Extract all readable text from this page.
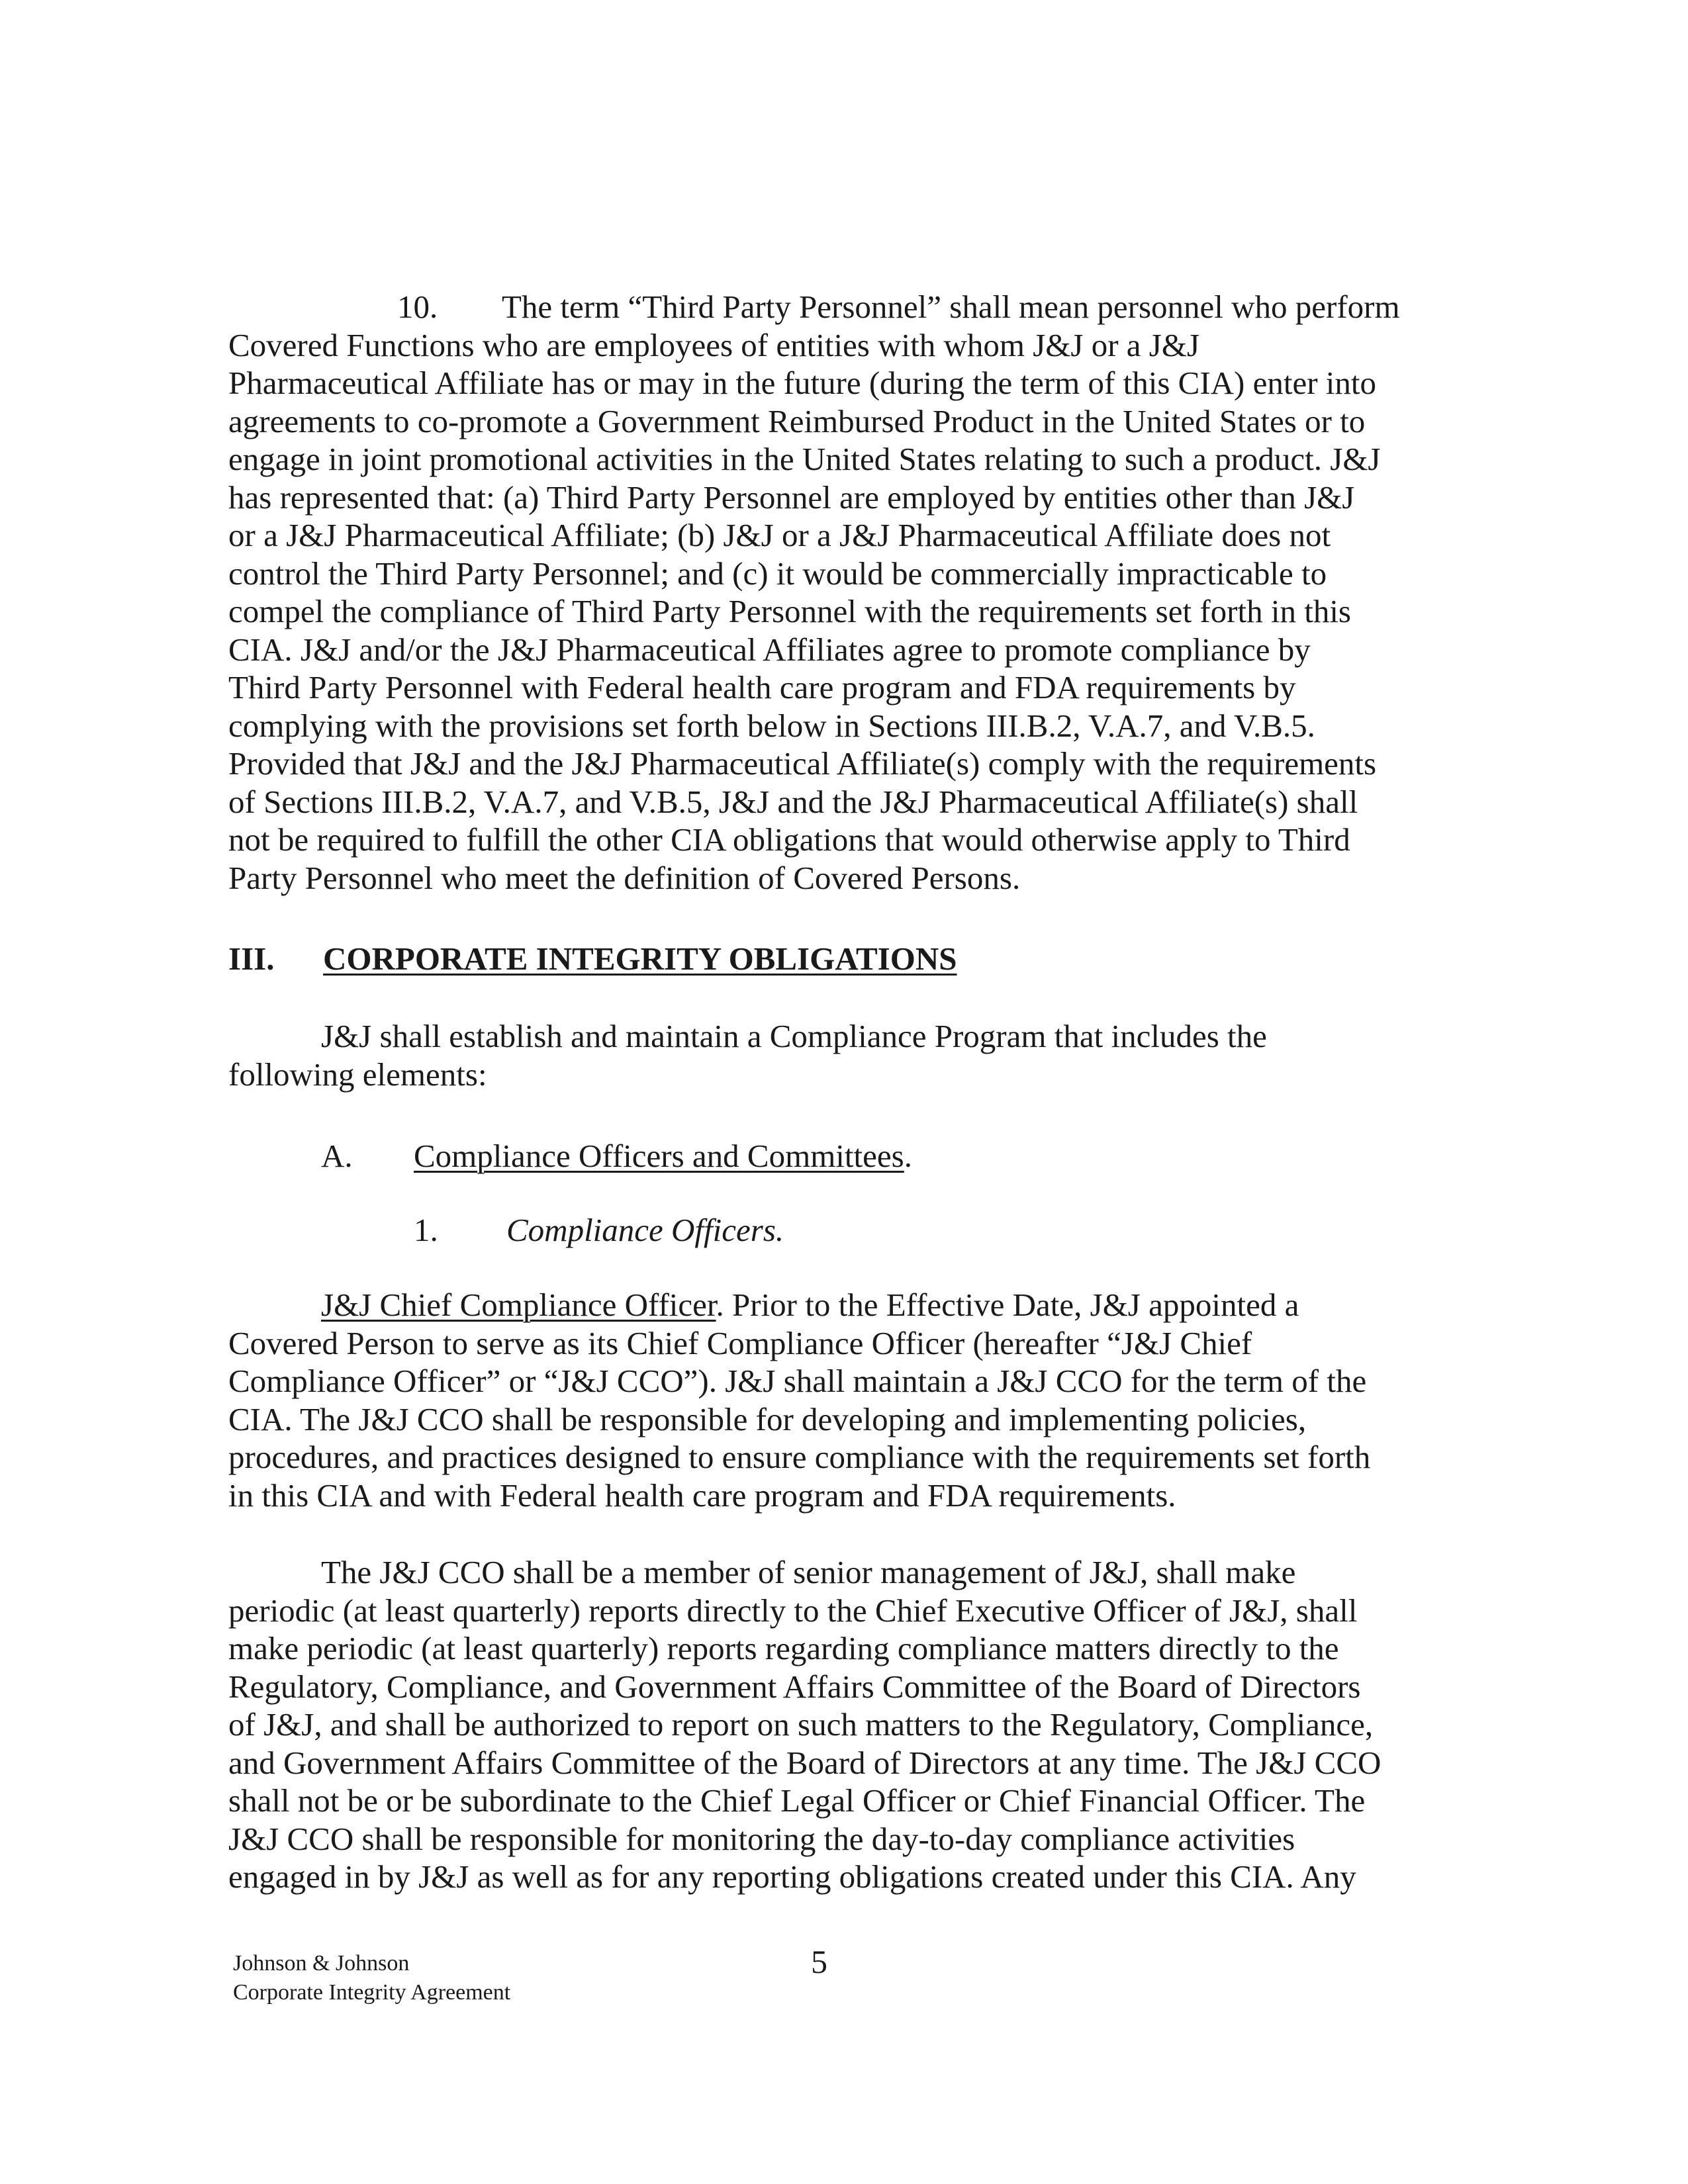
10. The term “Third Party Personnel” shall mean personnel who perform
Covered Functions who are employees of entities with whom J&J or a J&J
Pharmaceutical Affiliate has or may in the future (during the term of this CIA) enter into
agreements to co-promote a Government Reimbursed Product in the United States or to
engage in joint promotional activities in the United States relating to such a product. J&J
has represented that: (a) Third Party Personnel are employed by entities other than J&J
or a J&J Pharmaceutical Affiliate; (b) J&J or a J&J Pharmaceutical Affiliate does not
control the Third Party Personnel; and (c) it would be commercially impracticable to
compel the compliance of Third Party Personnel with the requirements set forth in this
CIA. J&J and/or the J&J Pharmaceutical Affiliates agree to promote compliance by
Third Party Personnel with Federal health care program and FDA requirements by
complying with the provisions set forth below in Sections III.B.2, V.A.7, and V.B.5.
Provided that J&J and the J&J Pharmaceutical Affiliate(s) comply with the requirements
of Sections III.B.2, V.A.7, and V.B.5, J&J and the J&J Pharmaceutical Affiliate(s) shall
not be required to fulfill the other CIA obligations that would otherwise apply to Third
Party Personnel who meet the definition of Covered Persons.
III. CORPORATE INTEGRITY OBLIGATIONS
J&J shall establish and maintain a Compliance Program that includes the
following elements:
A. Compliance Officers and Committees.
1. Compliance Officers.
J&J Chief Compliance Officer. Prior to the Effective Date, J&J appointed a
Covered Person to serve as its Chief Compliance Officer (hereafter “J&J Chief
Compliance Officer” or “J&J CCO”). J&J shall maintain a J&J CCO for the term of the
CIA. The J&J CCO shall be responsible for developing and implementing policies,
procedures, and practices designed to ensure compliance with the requirements set forth
in this CIA and with Federal health care program and FDA requirements.
The J&J CCO shall be a member of senior management of J&J, shall make
periodic (at least quarterly) reports directly to the Chief Executive Officer of J&J, shall
make periodic (at least quarterly) reports regarding compliance matters directly to the
Regulatory, Compliance, and Government Affairs Committee of the Board of Directors
of J&J, and shall be authorized to report on such matters to the Regulatory, Compliance,
and Government Affairs Committee of the Board of Directors at any time. The J&J CCO
shall not be or be subordinate to the Chief Legal Officer or Chief Financial Officer. The
J&J CCO shall be responsible for monitoring the day-to-day compliance activities
engaged in by J&J as well as for any reporting obligations created under this CIA. Any
Johnson & Johnson
Corporate Integrity Agreement
5
